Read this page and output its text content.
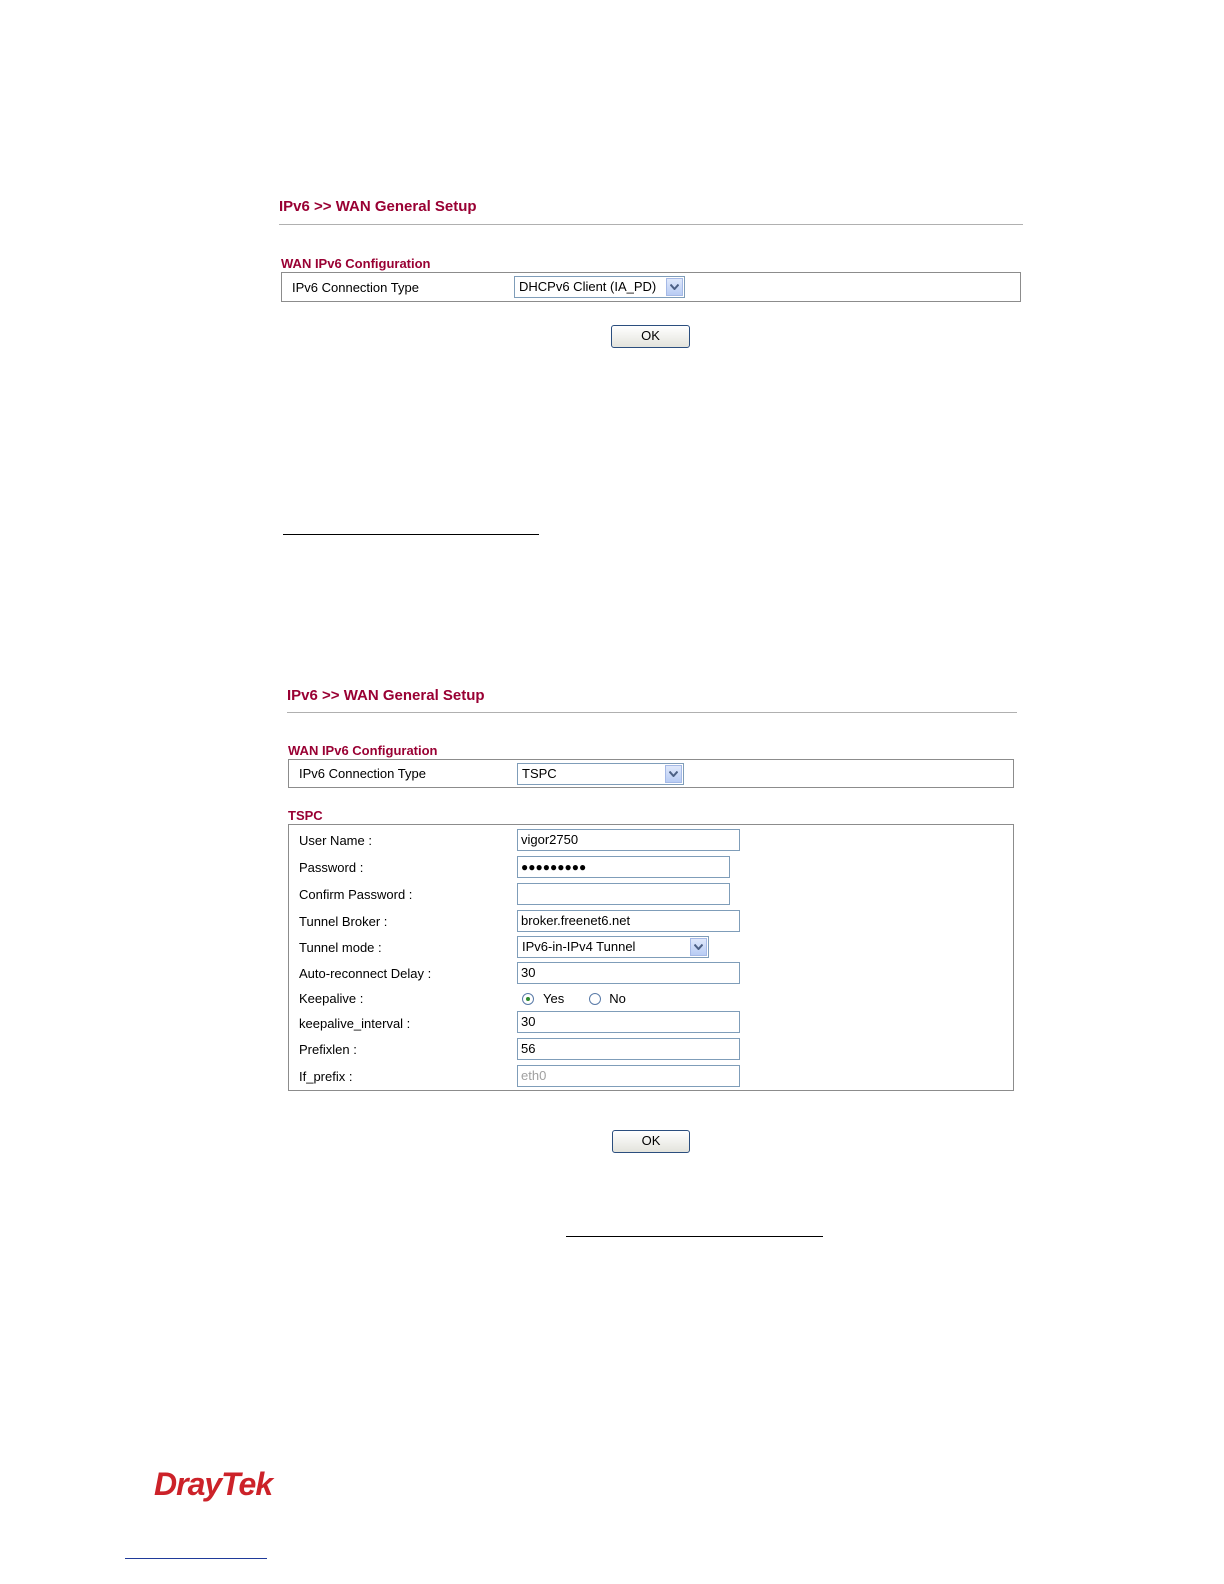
IPv6 >> WAN General Setup
WAN IPv6 Configuration
IPv6 Connection Type	DHCPv6 Client (IA_PD)
OK
IPv6 >> WAN General Setup
WAN IPv6 Configuration
IPv6 Connection Type	TSPC
TSPC
User Name :	vigor2750
Password :	●●●●●●●●●
Confirm Password :
Tunnel Broker :	broker.freenet6.net
Tunnel mode :	IPv6-in-IPv4 Tunnel
Auto-reconnect Delay :	30
Keepalive :	Yes	No
keepalive_interval :	30
Prefixlen :	56
If_prefix :	eth0
OK
DrayTek
